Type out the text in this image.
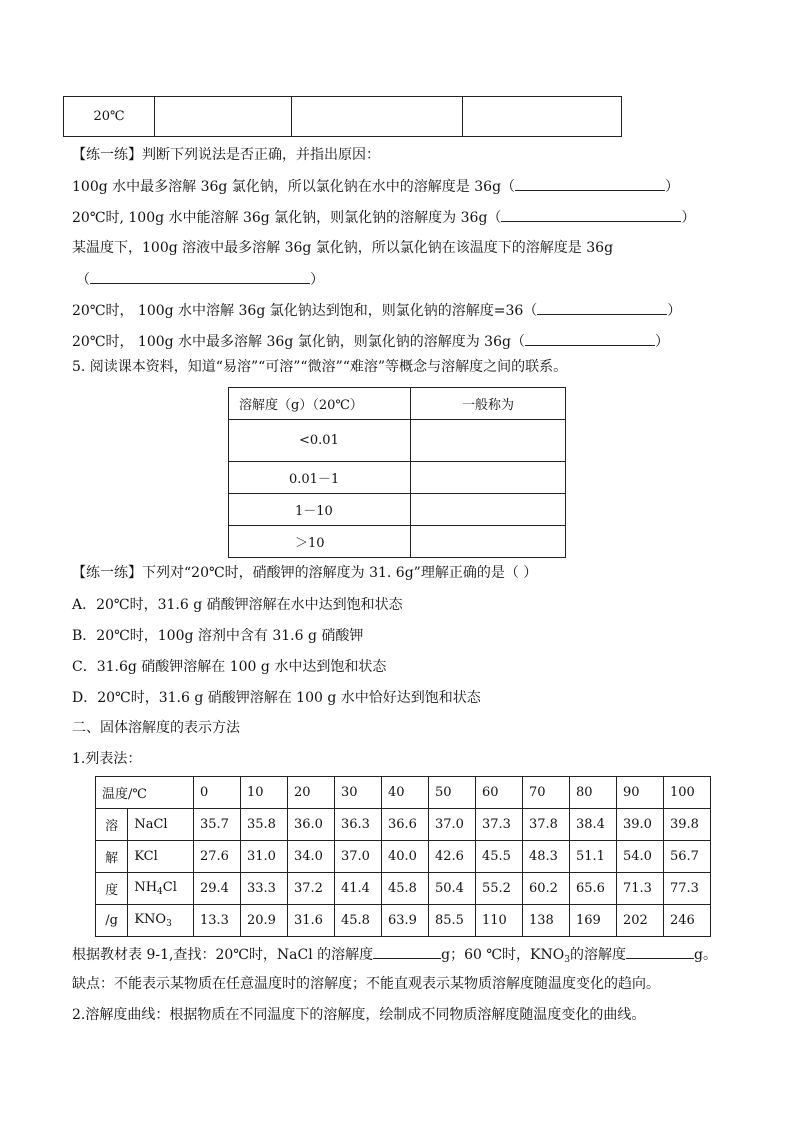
20℃			
【练一练】判断下列说法是否正确，并指出原因：
100g 水中最多溶解 36g 氯化钠，所以氯化钠在水中的溶解度是 36g（	）
20℃时, 100g 水中能溶解 36g 氯化钠，则氯化钠的溶解度为 36g（	）
某温度下，100g 溶液中最多溶解 36g 氯化钠，所以氯化钠在该温度下的溶解度是 36g
（	）
20℃时， 100g 水中溶解 36g 氯化钠达到饱和，则氯化钠的溶解度=36（	）
20℃时， 100g 水中最多溶解 36g 氯化钠，则氯化钠的溶解度为 36g（	）
5. 阅读课本资料，知道“易溶”“可溶”“微溶”“难溶”等概念与溶解度之间的联系。
溶解度（g）（20℃）	一般称为
<0.01	
0.01－1	
1－10	
＞10	
【练一练】下列对“20℃时，硝酸钾的溶解度为 31. 6g”理解正确的是（ ）
A．20℃时，31.6 g 硝酸钾溶解在水中达到饱和状态
B．20℃时，100g 溶剂中含有 31.6 g 硝酸钾
C．31.6g 硝酸钾溶解在 100 g 水中达到饱和状态
D．20℃时，31.6 g 硝酸钾溶解在 100 g 水中恰好达到饱和状态
二、固体溶解度的表示方法
1.列表法：
温度/℃		0	10	20	30	40	50	60	70	80	90	100
溶	NaCl	35.7	35.8	36.0	36.3	36.6	37.0	37.3	37.8	38.4	39.0	39.8
解	KCl	27.6	31.0	34.0	37.0	40.0	42.6	45.5	48.3	51.1	54.0	56.7
度	$NH_4Cl$	29.4	33.3	37.2	41.4	45.8	50.4	55.2	60.2	65.6	71.3	77.3
/g	$KNO_3$	13.3	20.9	31.6	45.8	63.9	85.5	110	138	169	202	246
根据教材表 9-1,查找：20℃时，NaCl 的溶解度	g；60 ℃时，$KNO_3$的溶解度	g。
缺点：不能表示某物质在任意温度时的溶解度；不能直观表示某物质溶解度随温度变化的趋向。
2.溶解度曲线：根据物质在不同温度下的溶解度，绘制成不同物质溶解度随温度变化的曲线。
